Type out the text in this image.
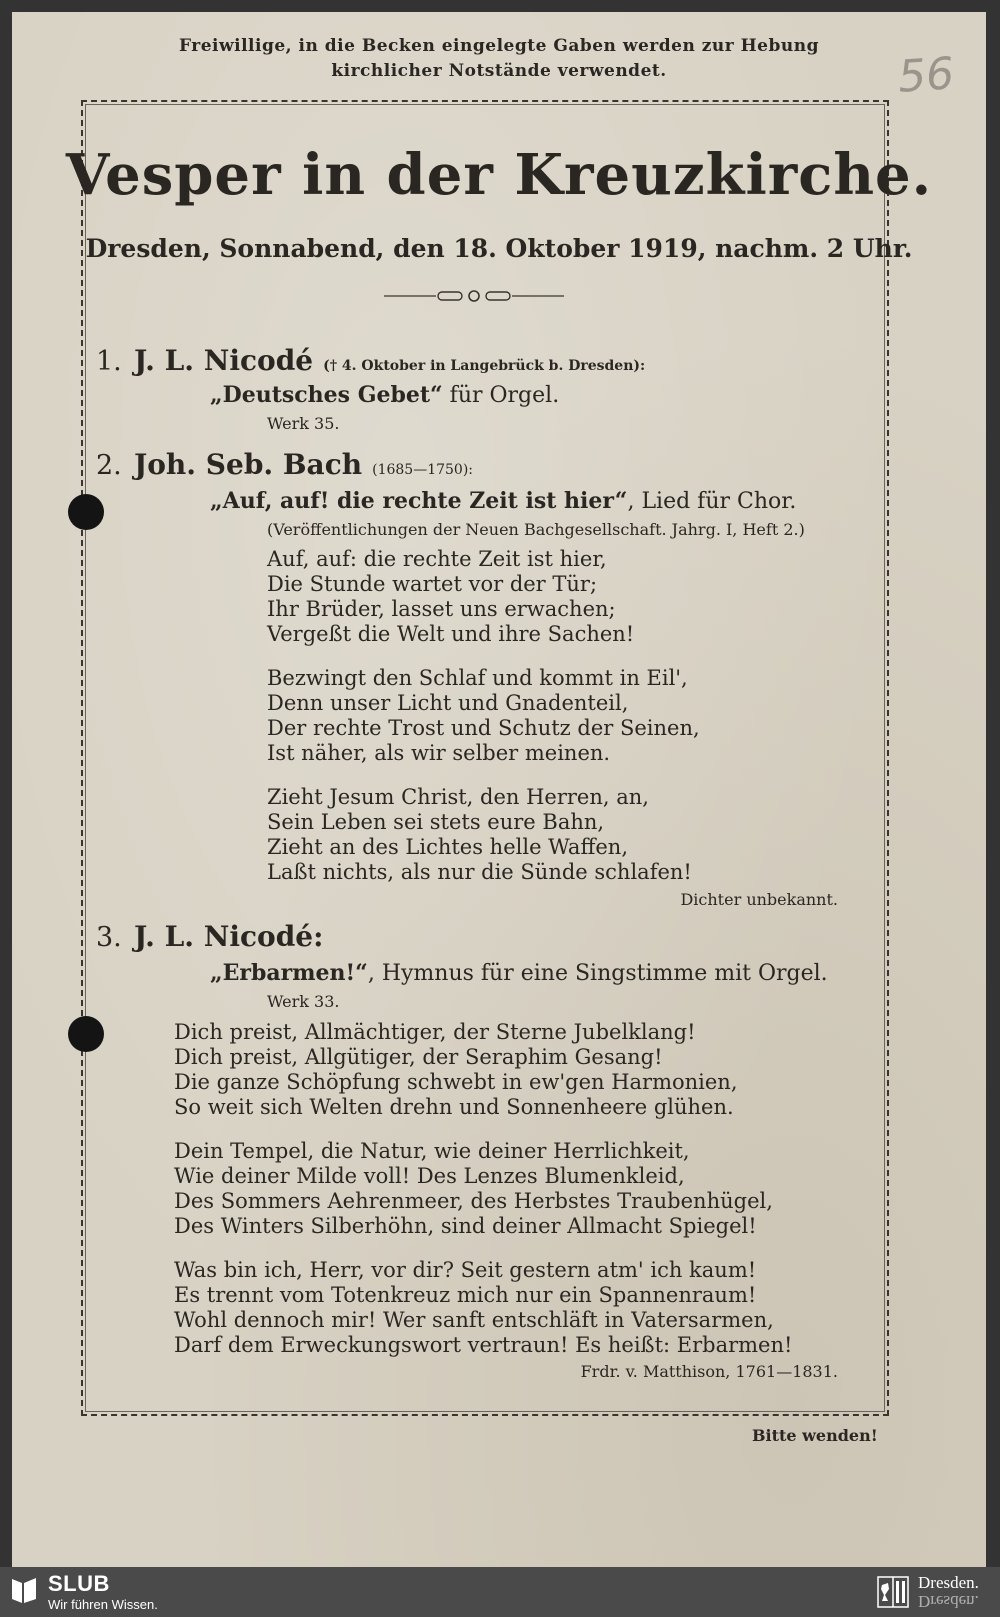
Freiwillige, in die Becken eingelegte Gaben werden zur Hebung
kirchlicher Notstände verwendet.	56
Vesper in der Kreuzkirche.
Dresden, Sonnabend, den 18. Oktober 1919, nachm. 2 Uhr.
1. J. L. Nicodé († 4. Oktober in Langebrück b. Dresden):
„Deutsches Gebet“ für Orgel.
Werk 35.
2. Joh. Seb. Bach (1685—1750):
„Auf, auf! die rechte Zeit ist hier“, Lied für Chor.
(Veröffentlichungen der Neuen Bachgesellschaft. Jahrg. I, Heft 2.)
Auf, auf: die rechte Zeit ist hier,
Die Stunde wartet vor der Tür;
Ihr Brüder, lasset uns erwachen;
Vergeßt die Welt und ihre Sachen!
Bezwingt den Schlaf und kommt in Eil',
Denn unser Licht und Gnadenteil,
Der rechte Trost und Schutz der Seinen,
Ist näher, als wir selber meinen.
Zieht Jesum Christ, den Herren, an,
Sein Leben sei stets eure Bahn,
Zieht an des Lichtes helle Waffen,
Laßt nichts, als nur die Sünde schlafen!
Dichter unbekannt.
3. J. L. Nicodé:
„Erbarmen!“, Hymnus für eine Singstimme mit Orgel.
Werk 33.
Dich preist, Allmächtiger, der Sterne Jubelklang!
Dich preist, Allgütiger, der Seraphim Gesang!
Die ganze Schöpfung schwebt in ew'gen Harmonien,
So weit sich Welten drehn und Sonnenheere glühen.
Dein Tempel, die Natur, wie deiner Herrlichkeit,
Wie deiner Milde voll! Des Lenzes Blumenkleid,
Des Sommers Aehrenmeer, des Herbstes Traubenhügel,
Des Winters Silberhöhn, sind deiner Allmacht Spiegel!
Was bin ich, Herr, vor dir? Seit gestern atm' ich kaum!
Es trennt vom Totenkreuz mich nur ein Spannenraum!
Wohl dennoch mir! Wer sanft entschläft in Vatersarmen,
Darf dem Erweckungswort vertraun! Es heißt: Erbarmen!
Frdr. v. Matthison, 1761—1831.
Bitte wenden!
SLUB
Wir führen Wissen.
Dresden.
Dresden.
